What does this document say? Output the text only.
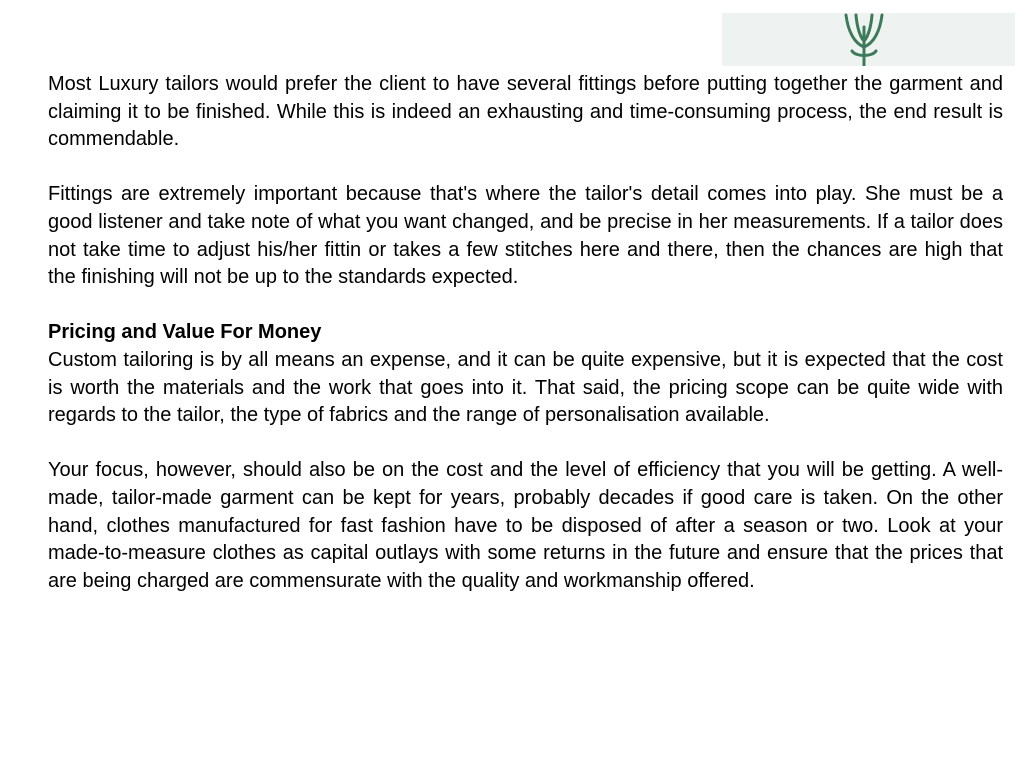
Most Luxury tailors would prefer the client to have several fittings before putting together the garment and claiming it to be finished. While this is indeed an exhausting and time-consuming process, the end result is commendable.

Fittings are extremely important because that's where the tailor's detail comes into play. She must be a good listener and take note of what you want changed, and be precise in her measurements. If a tailor does not take time to adjust his/her fittin or takes a few stitches here and there, then the chances are high that the finishing will not be up to the standards expected.

Pricing and Value For Money

Custom tailoring is by all means an expense, and it can be quite expensive, but it is expected that the cost is worth the materials and the work that goes into it. That said, the pricing scope can be quite wide with regards to the tailor, the type of fabrics and the range of personalisation available.

Your focus, however, should also be on the cost and the level of efficiency that you will be getting. A well-made, tailor-made garment can be kept for years, probably decades if good care is taken. On the other hand, clothes manufactured for fast fashion have to be disposed of after a season or two. Look at your made-to-measure clothes as capital outlays with some returns in the future and ensure that the prices that are being charged are commensurate with the quality and workmanship offered.
